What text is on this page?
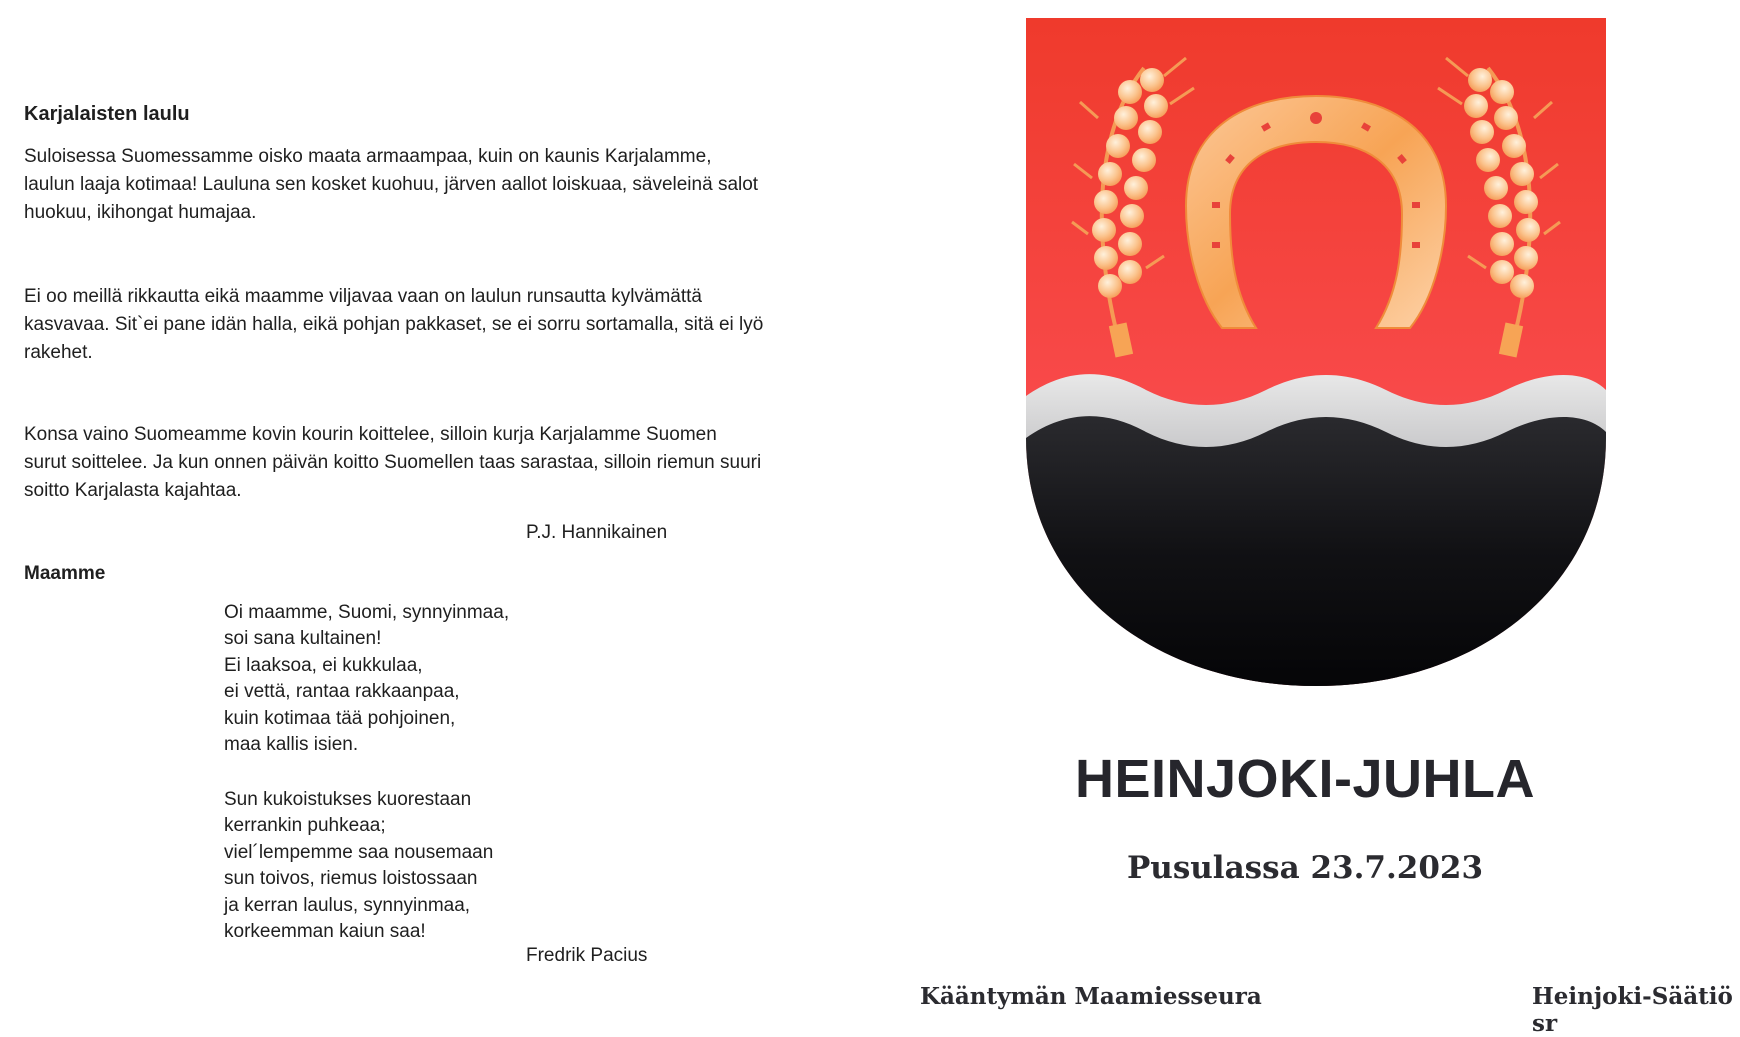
Karjalaisten laulu

Suloisessa Suomessamme oisko maata armaampaa, kuin on kaunis Karjalamme, laulun laaja kotimaa! Lauluna sen kosket kuohuu, järven aallot loiskuaa, säveleinä salot huokuu, ikihongat humajaa.

Ei oo meillä rikkautta eikä maamme viljavaa vaan on laulun runsautta kylvämättä kasvavaa. Sit`ei pane idän halla, eikä pohjan pakkaset, se ei sorru sortamalla, sitä ei lyö rakehet.

Konsa vaino Suomeamme kovin kourin koittelee, silloin kurja Karjalamme Suomen surut soittelee. Ja kun onnen päivän koitto Suomellen taas sarastaa, silloin riemun suuri soitto Karjalasta kajahtaa.

P.J. Hannikainen

Maamme
Oi maamme, Suomi, synnyinmaa,
soi sana kultainen!
Ei laaksoa, ei kukkulaa,
ei vettä, rantaa rakkaanpaa,
kuin kotimaa tää pohjoinen,
maa kallis isien.
Sun kukoistukses kuorestaan
kerrankin puhkeaa;
viel´lempemme saa nousemaan
sun toivos, riemus loistossaan
ja kerran laulus, synnyinmaa,
korkeemman kaiun saa!

Fredrik Pacius

HEINJOKI-JUHLA
Pusulassa 23.7.2023

Kääntymän Maamiesseura	Heinjoki-Säätiö sr
